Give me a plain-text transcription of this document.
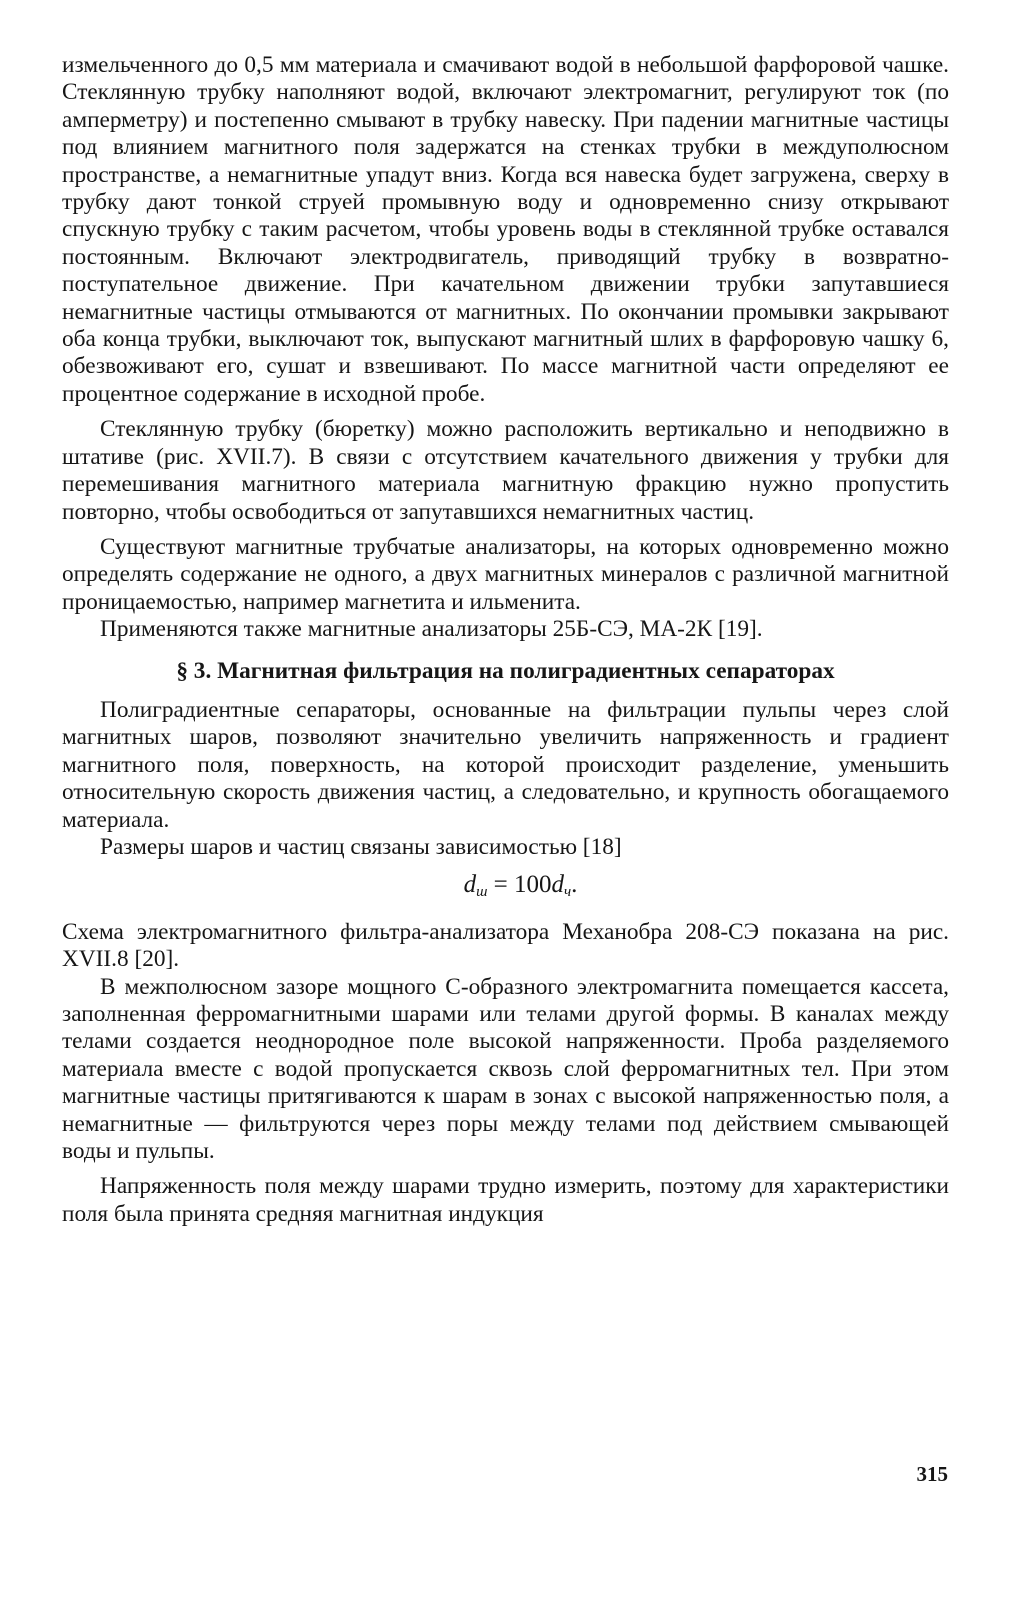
измельченного до 0,5 мм материала и смачивают водой в небольшой фарфоровой чашке. Стеклянную трубку наполняют водой, включают электромагнит, регулируют ток (по амперметру) и постепенно смывают в трубку навеску. При падении магнитные частицы под влиянием магнитного поля задержатся на стенках трубки в междуполюсном пространстве, а немагнитные упадут вниз. Когда вся навеска будет загружена, сверху в трубку дают тонкой струей промывную воду и одновременно снизу открывают спускную трубку с таким расчетом, чтобы уровень воды в стеклянной трубке оставался постоянным. Включают электродвигатель, приводящий трубку в возвратно-поступательное движение. При качательном движении трубки запутавшиеся немагнитные частицы отмываются от магнитных. По окончании промывки закрывают оба конца трубки, выключают ток, выпускают магнитный шлих в фарфоровую чашку 6, обезвоживают его, сушат и взвешивают. По массе магнитной части определяют ее процентное содержание в исходной пробе.

Стеклянную трубку (бюретку) можно расположить вертикально и неподвижно в штативе (рис. XVII.7). В связи с отсутствием качательного движения у трубки для перемешивания магнитного материала магнитную фракцию нужно пропустить повторно, чтобы освободиться от запутавшихся немагнитных частиц.

Существуют магнитные трубчатые анализаторы, на которых одновременно можно определять содержание не одного, а двух магнитных минералов с различной магнитной проницаемостью, например магнетита и ильменита.

Применяются также магнитные анализаторы 25Б-СЭ, МА-2К [19].

§ 3. Магнитная фильтрация на полиградиентных сепараторах

Полиградиентные сепараторы, основанные на фильтрации пульпы через слой магнитных шаров, позволяют значительно увеличить напряженность и градиент магнитного поля, поверхность, на которой происходит разделение, уменьшить относительную скорость движения частиц, а следовательно, и крупность обогащаемого материала.

Размеры шаров и частиц связаны зависимостью [18]

$d_ш = 100d_ч$.

Схема электромагнитного фильтра-анализатора Механобра 208-СЭ показана на рис. XVII.8 [20].

В межполюсном зазоре мощного С-образного электромагнита помещается кассета, заполненная ферромагнитными шарами или телами другой формы. В каналах между телами создается неоднородное поле высокой напряженности. Проба разделяемого материала вместе с водой пропускается сквозь слой ферромагнитных тел. При этом магнитные частицы притягиваются к шарам в зонах с высокой напряженностью поля, а немагнитные — фильтруются через поры между телами под действием смывающей воды и пульпы.

Напряженность поля между шарами трудно измерить, поэтому для характеристики поля была принята средняя магнитная индукция

315
